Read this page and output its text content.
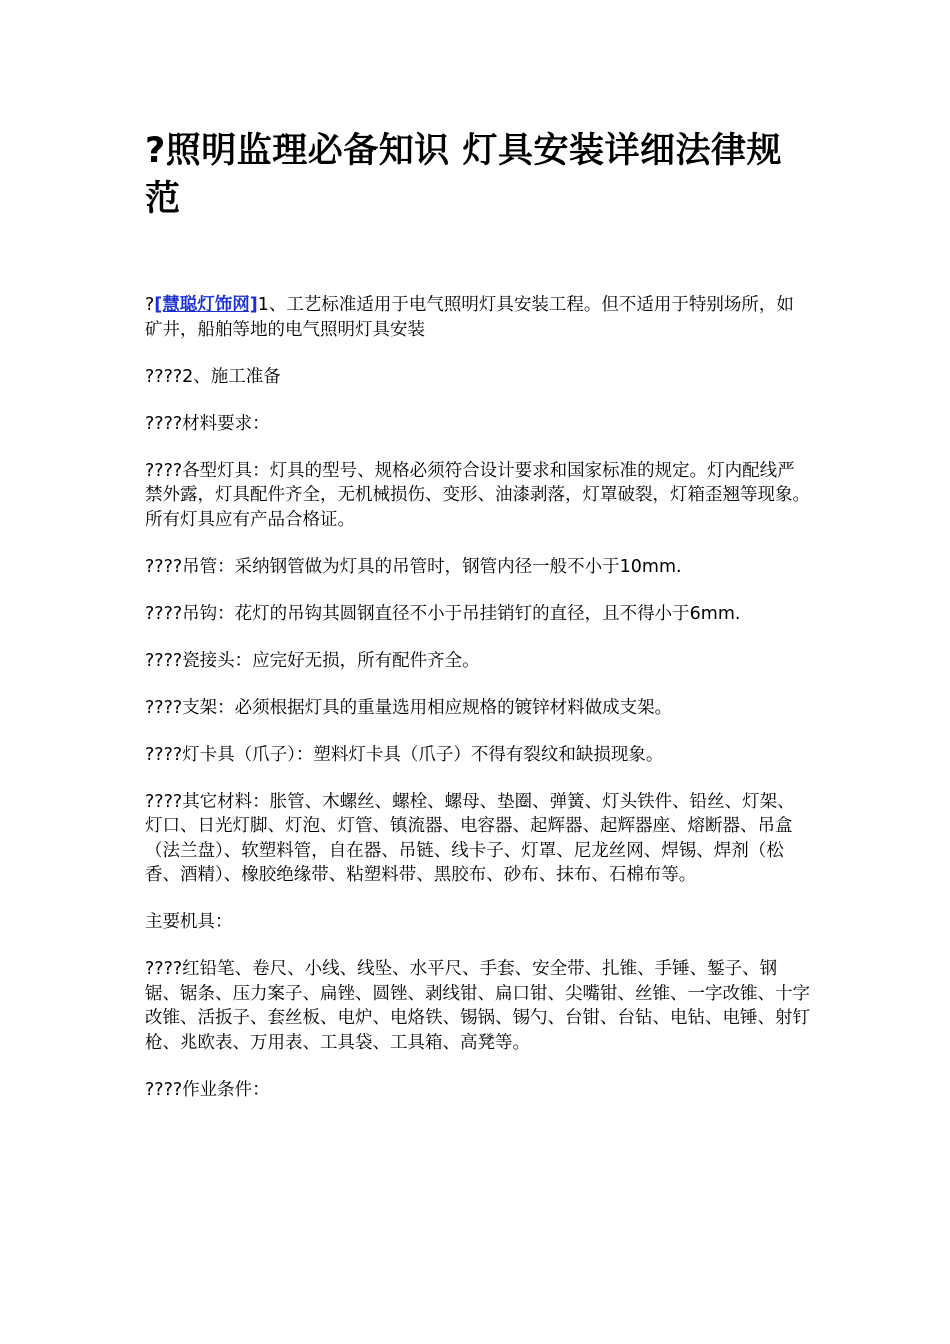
?照明监理必备知识 灯具安装详细法律规范

?[慧聪灯饰网]1、工艺标准适用于电气照明灯具安装工程。但不适用于特别场所，如矿井，船舶等地的电气照明灯具安装

????2、施工准备

????材料要求：

????各型灯具：灯具的型号、规格必须符合设计要求和国家标准的规定。灯内配线严禁外露，灯具配件齐全，无机械损伤、变形、油漆剥落，灯罩破裂，灯箱歪翘等现象。所有灯具应有产品合格证。

????吊管：采纳钢管做为灯具的吊管时，钢管内径一般不小于10mm.

????吊钩：花灯的吊钩其圆钢直径不小于吊挂销钉的直径，且不得小于6mm.

????瓷接头：应完好无损，所有配件齐全。

????支架：必须根据灯具的重量选用相应规格的镀锌材料做成支架。

????灯卡具（爪子）：塑料灯卡具（爪子）不得有裂纹和缺损现象。

????其它材料：胀管、木螺丝、螺栓、螺母、垫圈、弹簧、灯头铁件、铅丝、灯架、灯口、日光灯脚、灯泡、灯管、镇流器、电容器、起辉器、起辉器座、熔断器、吊盒（法兰盘）、软塑料管，自在器、吊链、线卡子、灯罩、尼龙丝网、焊锡、焊剂（松香、酒精）、橡胶绝缘带、粘塑料带、黑胶布、砂布、抹布、石棉布等。

主要机具：

????红铅笔、卷尺、小线、线坠、水平尺、手套、安全带、扎锥、手锤、錾子、钢锯、锯条、压力案子、扁锉、圆锉、剥线钳、扁口钳、尖嘴钳、丝锥、一字改锥、十字改锥、活扳子、套丝板、电炉、电烙铁、锡锅、锡勺、台钳、台钻、电钻、电锤、射钉枪、兆欧表、万用表、工具袋、工具箱、高凳等。

????作业条件：
